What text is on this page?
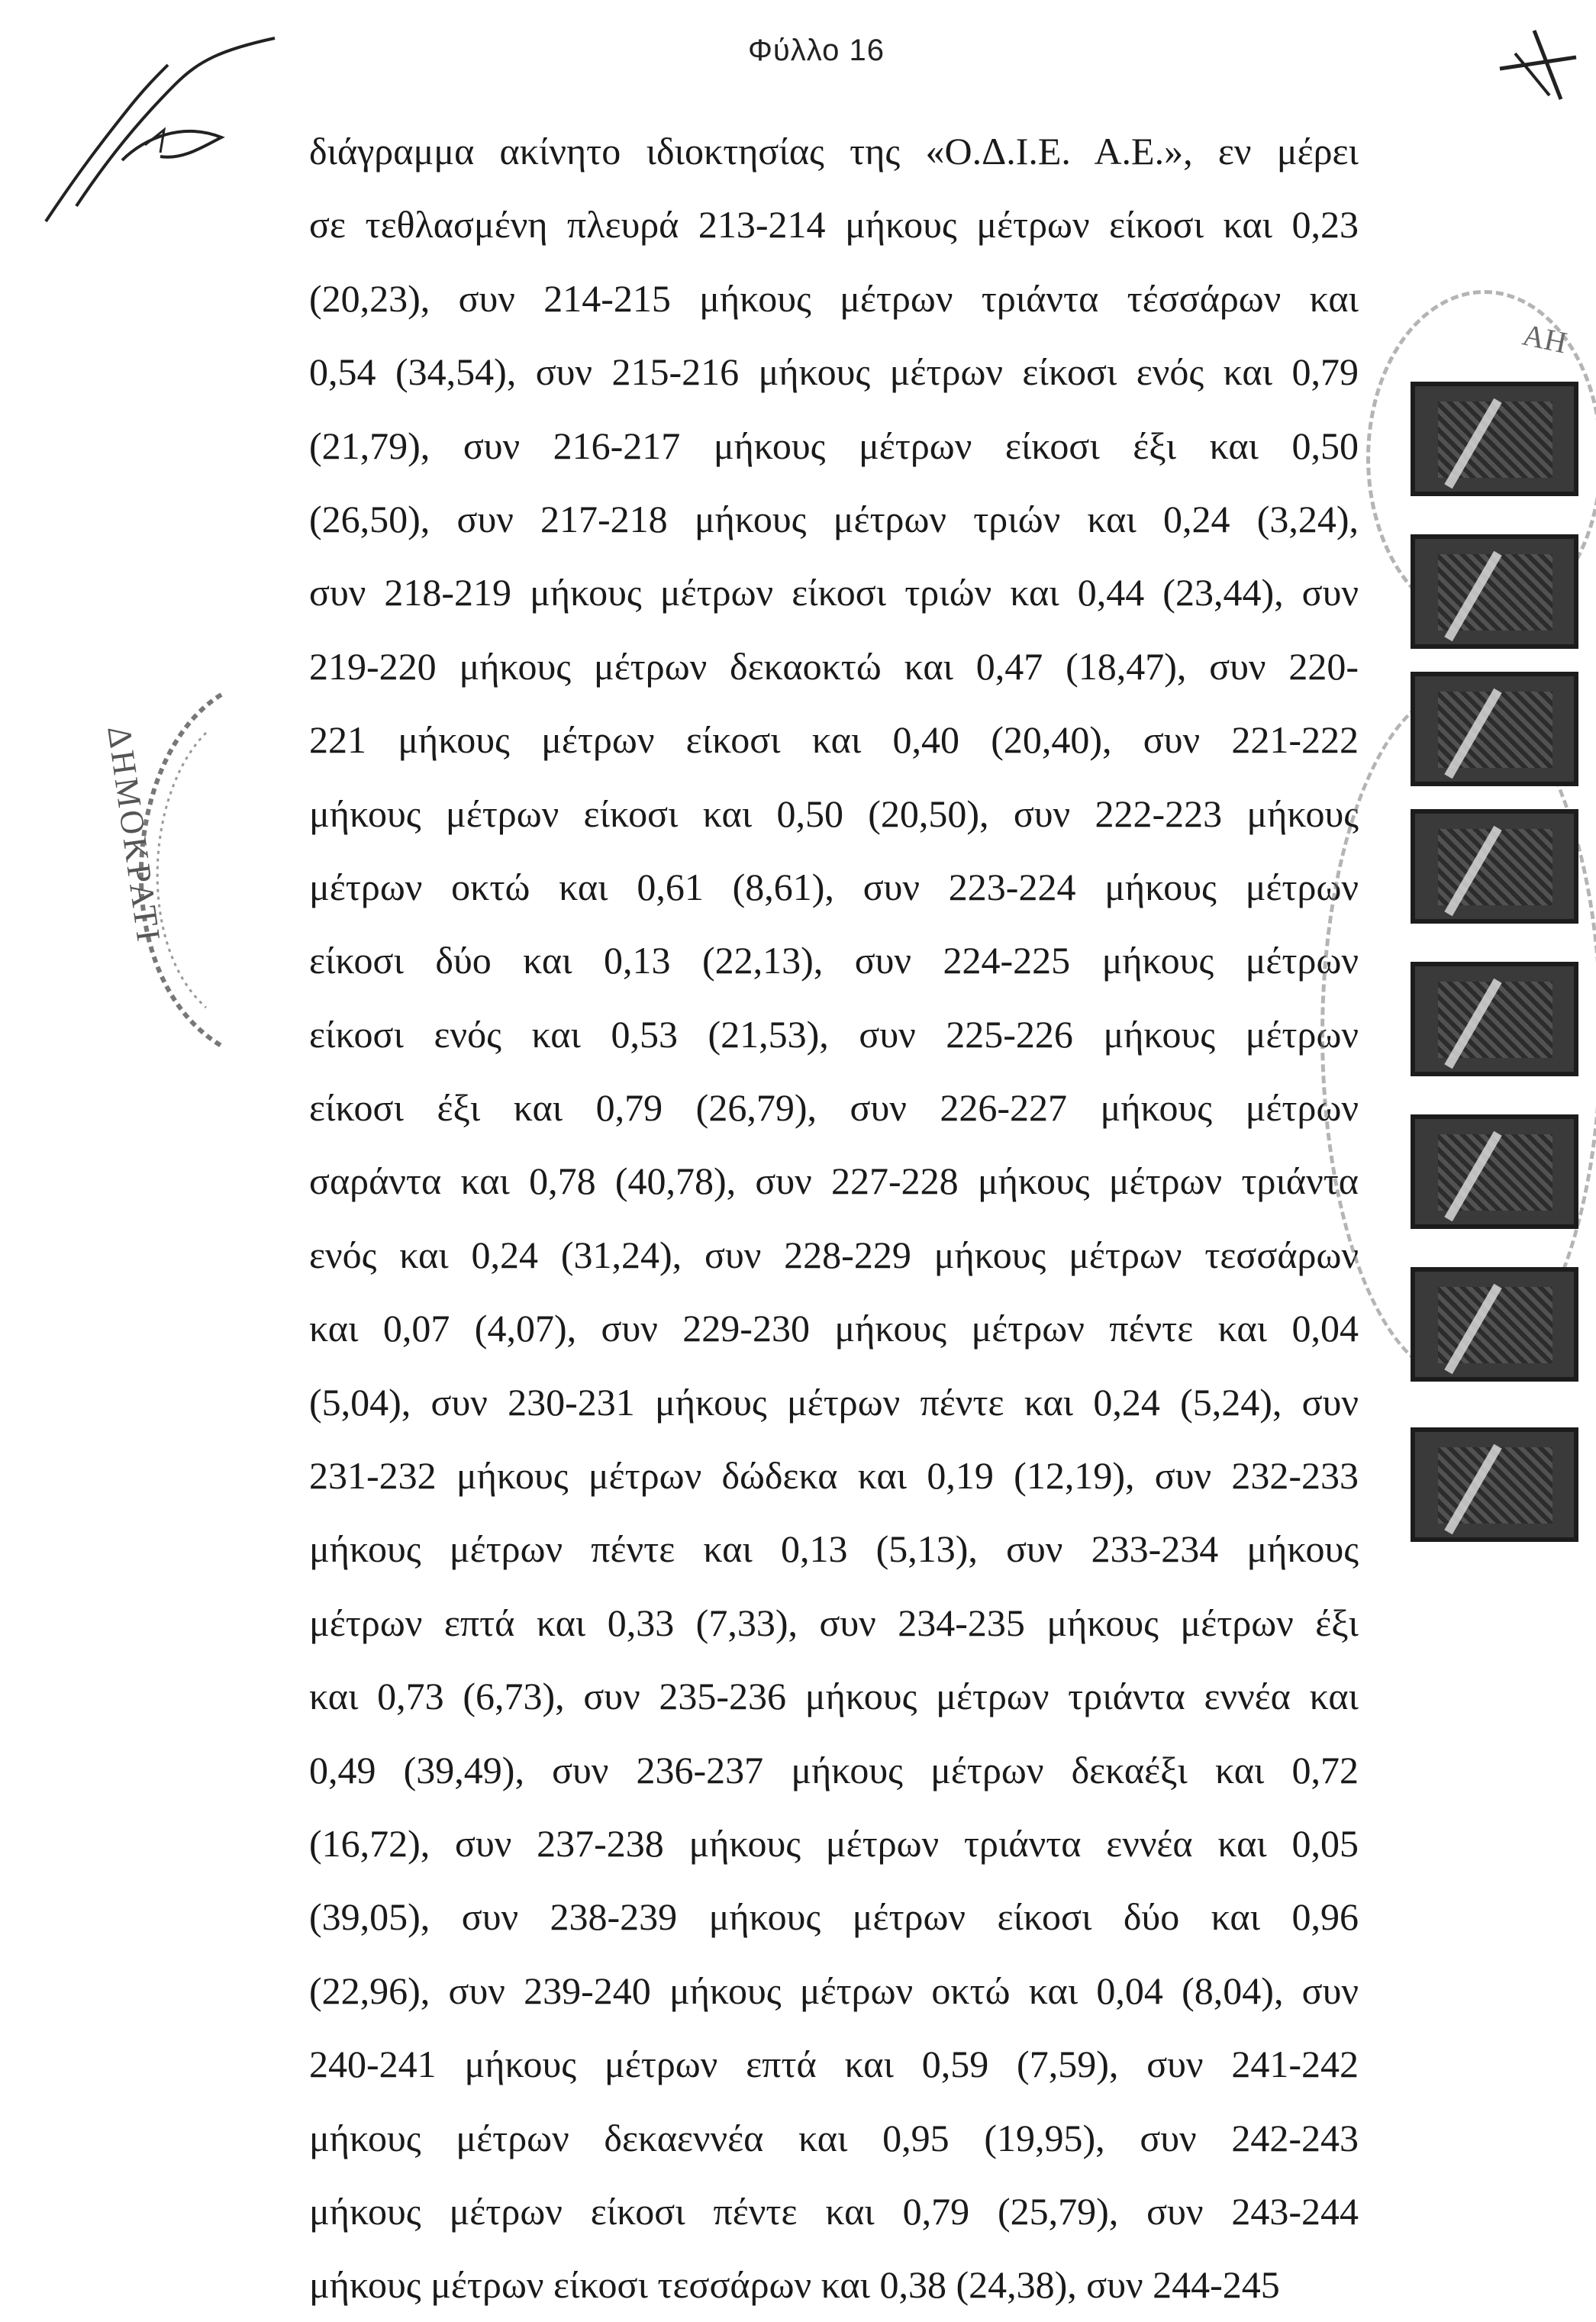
Φύλλο 16
ΔΗΜΟΚΡΑΤΙ
διάγραμμα ακίνητο ιδιοκτησίας της «Ο.Δ.Ι.Ε. Α.Ε.», εν μέρει
σε τεθλασμένη πλευρά 213-214 μήκους μέτρων είκοσι και 0,23
(20,23), συν 214-215 μήκους μέτρων τριάντα τέσσάρων και
0,54 (34,54), συν 215-216 μήκους μέτρων είκοσι ενός και 0,79
(21,79), συν 216-217 μήκους μέτρων είκοσι έξι και 0,50
(26,50), συν 217-218 μήκους μέτρων τριών και 0,24 (3,24),
συν 218-219 μήκους μέτρων είκοσι τριών και 0,44 (23,44), συν
219-220 μήκους μέτρων δεκαοκτώ και 0,47 (18,47), συν 220-
221 μήκους μέτρων είκοσι και 0,40 (20,40), συν 221-222
μήκους μέτρων είκοσι και 0,50 (20,50), συν 222-223 μήκους
μέτρων οκτώ και 0,61 (8,61), συν 223-224 μήκους μέτρων
είκοσι δύο και 0,13 (22,13), συν 224-225 μήκους μέτρων
είκοσι ενός και 0,53 (21,53), συν 225-226 μήκους μέτρων
είκοσι έξι και 0,79 (26,79), συν 226-227 μήκους μέτρων
σαράντα και 0,78 (40,78), συν 227-228 μήκους μέτρων τριάντα
ενός και 0,24 (31,24), συν 228-229 μήκους μέτρων τεσσάρων
και 0,07 (4,07), συν 229-230 μήκους μέτρων πέντε και 0,04
(5,04), συν 230-231 μήκους μέτρων πέντε και 0,24 (5,24), συν
231-232 μήκους μέτρων δώδεκα και 0,19 (12,19), συν 232-233
μήκους μέτρων πέντε και 0,13 (5,13), συν 233-234 μήκους
μέτρων επτά και 0,33 (7,33), συν 234-235 μήκους μέτρων έξι
και 0,73 (6,73), συν 235-236 μήκους μέτρων τριάντα εννέα και
0,49 (39,49), συν 236-237 μήκους μέτρων δεκαέξι και 0,72
(16,72), συν 237-238 μήκους μέτρων τριάντα εννέα και 0,05
(39,05), συν 238-239 μήκους μέτρων είκοσι δύο και 0,96
(22,96), συν 239-240 μήκους μέτρων οκτώ και 0,04 (8,04), συν
240-241 μήκους μέτρων επτά και 0,59 (7,59), συν 241-242
μήκους μέτρων δεκαεννέα και 0,95 (19,95), συν 242-243
μήκους μέτρων είκοσι πέντε και 0,79 (25,79), συν 243-244
μήκους μέτρων είκοσι τεσσάρων και 0,38 (24,38), συν 244-245
ΑΗ
